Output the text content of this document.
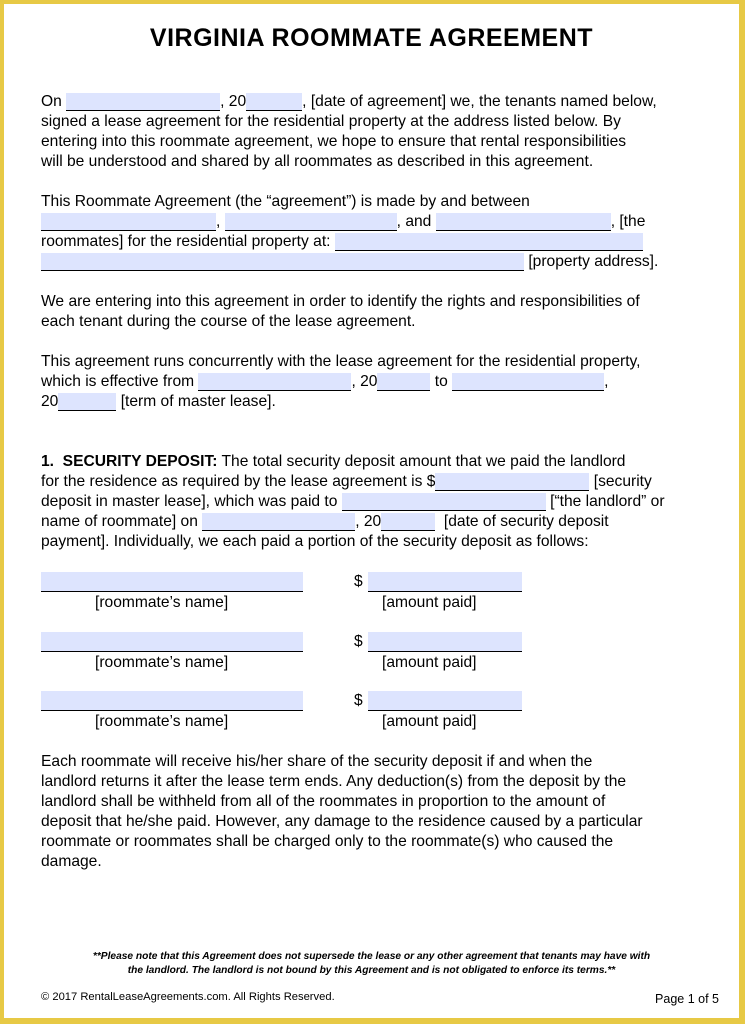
VIRGINIA ROOMMATE AGREEMENT
On	, 20	, [date of agreement] we, the tenants named below,
signed a lease agreement for the residential property at the address listed below. By
entering into this roommate agreement, we hope to ensure that rental responsibilities
will be understood and shared by all roommates as described in this agreement.
This Roommate Agreement (the “agreement”) is made by and between
,	, and	, [the
roommates] for the residential property at:
[property address].
We are entering into this agreement in order to identify the rights and responsibilities of
each tenant during the course of the lease agreement.
This agreement runs concurrently with the lease agreement for the residential property,
which is effective from	, 20	to	,
20	[term of master lease].
1.  SECURITY DEPOSIT: The total security deposit amount that we paid the landlord
for the residence as required by the lease agreement is $	[security
deposit in master lease], which was paid to	[“the landlord” or
name of roommate] on	, 20	[date of security deposit
payment]. Individually, we each paid a portion of the security deposit as follows:
[roommate’s name]
$
[amount paid]
[roommate’s name]
$
[amount paid]
[roommate’s name]
$
[amount paid]
Each roommate will receive his/her share of the security deposit if and when the
landlord returns it after the lease term ends. Any deduction(s) from the deposit by the
landlord shall be withheld from all of the roommates in proportion to the amount of
deposit that he/she paid. However, any damage to the residence caused by a particular
roommate or roommates shall be charged only to the roommate(s) who caused the
damage.
**Please note that this Agreement does not supersede the lease or any other agreement that tenants may have with
the landlord. The landlord is not bound by this Agreement and is not obligated to enforce its terms.**
© 2017 RentalLeaseAgreements.com. All Rights Reserved.	Page 1 of 5
